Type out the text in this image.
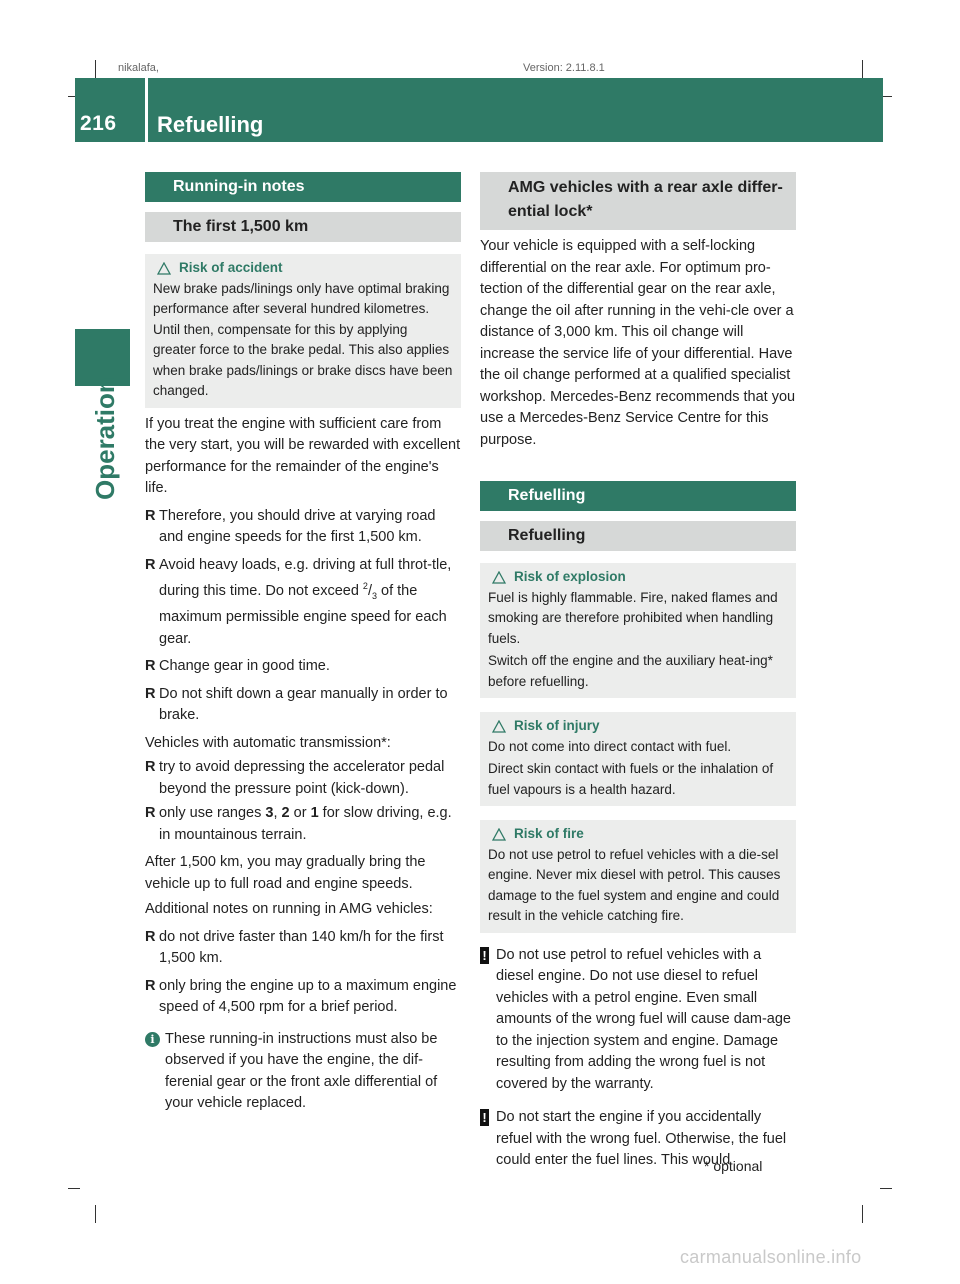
nikalafa,	Version: 2.11.8.1
216 Refuelling
Operation
Running-in notes
The first 1,500 km
Risk of accident

New brake pads/linings only have optimal braking performance after several hundred kilometres. Until then, compensate for this by applying greater force to the brake pedal. This also applies when brake pads/linings or brake discs have been changed.

If you treat the engine with sufficient care from the very start, you will be rewarded with excellent performance for the remainder of the engine's life.

R Therefore, you should drive at varying road and engine speeds for the first 1,500 km.
R Avoid heavy loads, e.g. driving at full throt-tle, during this time. Do not exceed $^2/_3$ of the maximum permissible engine speed for each gear.
R Change gear in good time.
R Do not shift down a gear manually in order to brake.

Vehicles with automatic transmission*:

R try to avoid depressing the accelerator pedal beyond the pressure point (kick-down).
R only use ranges 3, 2 or 1 for slow driving, e.g. in mountainous terrain.

After 1,500 km, you may gradually bring the vehicle up to full road and engine speeds.

Additional notes on running in AMG vehicles:

R do not drive faster than 140 km/h for the first 1,500 km.
R only bring the engine up to a maximum engine speed of 4,500 rpm for a brief period.
i These running-in instructions must also be observed if you have the engine, the dif-ferenial gear or the front axle differential of your vehicle replaced.
AMG vehicles with a rear axle differ-ential lock*

Your vehicle is equipped with a self-locking differential on the rear axle. For optimum pro-tection of the differential gear on the rear axle, change the oil after running in the vehi-cle over a distance of 3,000 km. This oil change will increase the service life of your differential. Have the oil change performed at a qualified specialist workshop. Mercedes-Benz recommends that you use a Mercedes-Benz Service Centre for this purpose.

Refuelling
Refuelling
Risk of explosion

Fuel is highly flammable. Fire, naked flames and smoking are therefore prohibited when handling fuels.

Switch off the engine and the auxiliary heat-ing* before refuelling.

Risk of injury

Do not come into direct contact with fuel.

Direct skin contact with fuels or the inhalation of fuel vapours is a health hazard.

Risk of fire

Do not use petrol to refuel vehicles with a die-sel engine. Never mix diesel with petrol. This causes damage to the fuel system and engine and could result in the vehicle catching fire.

! Do not use petrol to refuel vehicles with a diesel engine. Do not use diesel to refuel vehicles with a petrol engine. Even small amounts of the wrong fuel will cause dam-age to the injection system and engine. Damage resulting from adding the wrong fuel is not covered by the warranty.
! Do not start the engine if you accidentally refuel with the wrong fuel. Otherwise, the fuel could enter the fuel lines. This would
* optional
carmanualsonline.info
